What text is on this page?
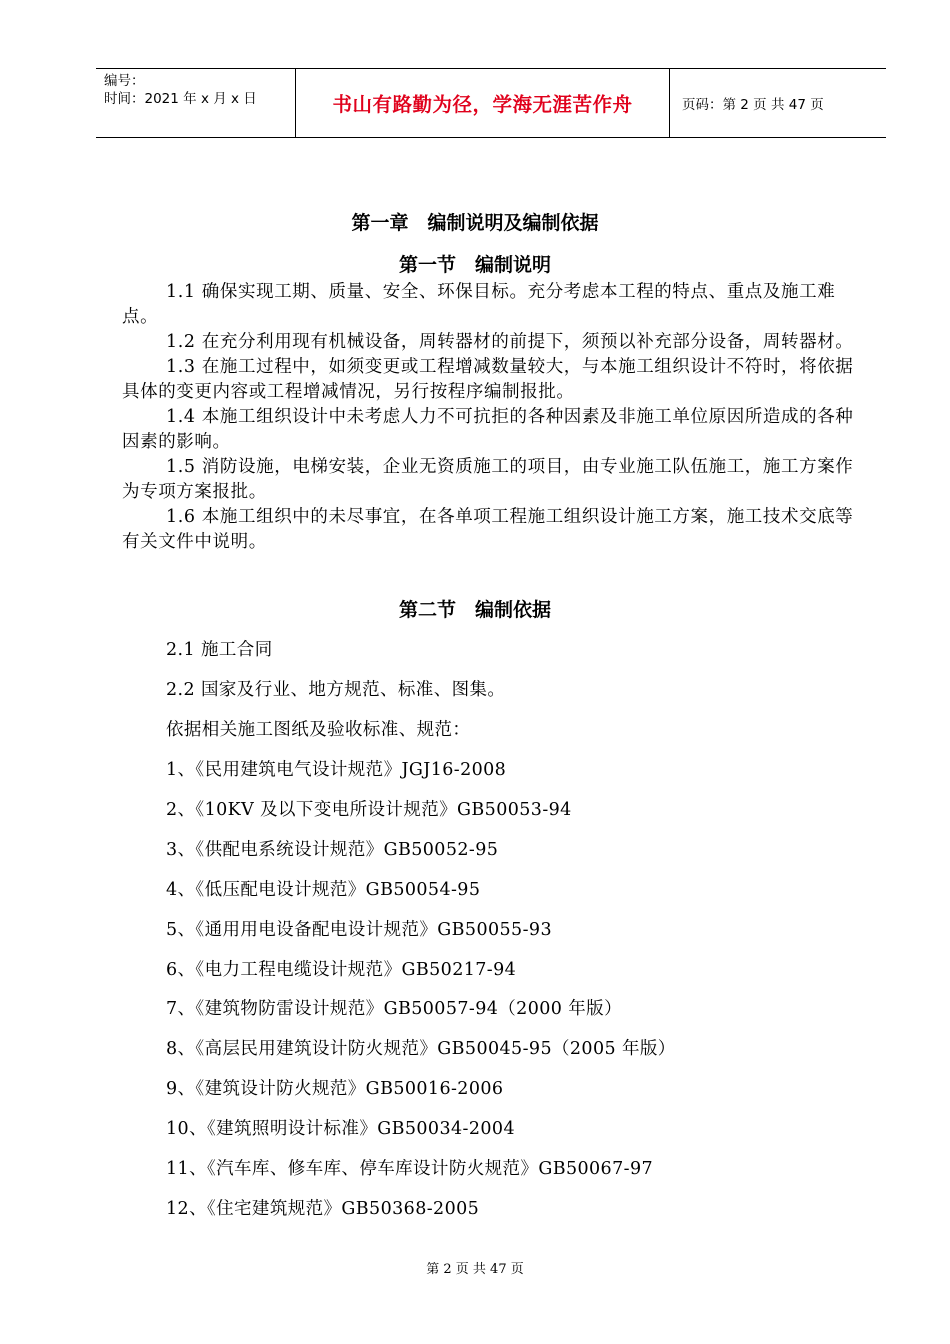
编号：
时间：2021 年 x 月 x 日	书山有路勤为径，学海无涯苦作舟	页码：第 2 页 共 47 页
第一章　编制说明及编制依据
第一节　编制说明

1.1 确保实现工期、质量、安全、环保目标。充分考虑本工程的特点、重点及施工难点。

1.2 在充分利用现有机械设备，周转器材的前提下，须预以补充部分设备，周转器材。

1.3 在施工过程中，如须变更或工程增减数量较大，与本施工组织设计不符时，将依据具体的变更内容或工程增减情况，另行按程序编制报批。

1.4 本施工组织设计中未考虑人力不可抗拒的各种因素及非施工单位原因所造成的各种因素的影响。

1.5 消防设施，电梯安装，企业无资质施工的项目，由专业施工队伍施工，施工方案作为专项方案报批。

1.6 本施工组织中的未尽事宜，在各单项工程施工组织设计施工方案，施工技术交底等有关文件中说明。

第二节　编制依据
2.1 施工合同
2.2 国家及行业、地方规范、标准、图集。
依据相关施工图纸及验收标准、规范：
1、《民用建筑电气设计规范》JGJ16-2008
2、《10KV 及以下变电所设计规范》GB50053-94
3、《供配电系统设计规范》GB50052-95
4、《低压配电设计规范》GB50054-95
5、《通用用电设备配电设计规范》GB50055-93
6、《电力工程电缆设计规范》GB50217-94
7、《建筑物防雷设计规范》GB50057-94（2000 年版）
8、《高层民用建筑设计防火规范》GB50045-95（2005 年版）
9、《建筑设计防火规范》GB50016-2006
10、《建筑照明设计标准》GB50034-2004
11、《汽车库、修车库、停车库设计防火规范》GB50067-97
12、《住宅建筑规范》GB50368-2005
第 2 页 共 47 页
